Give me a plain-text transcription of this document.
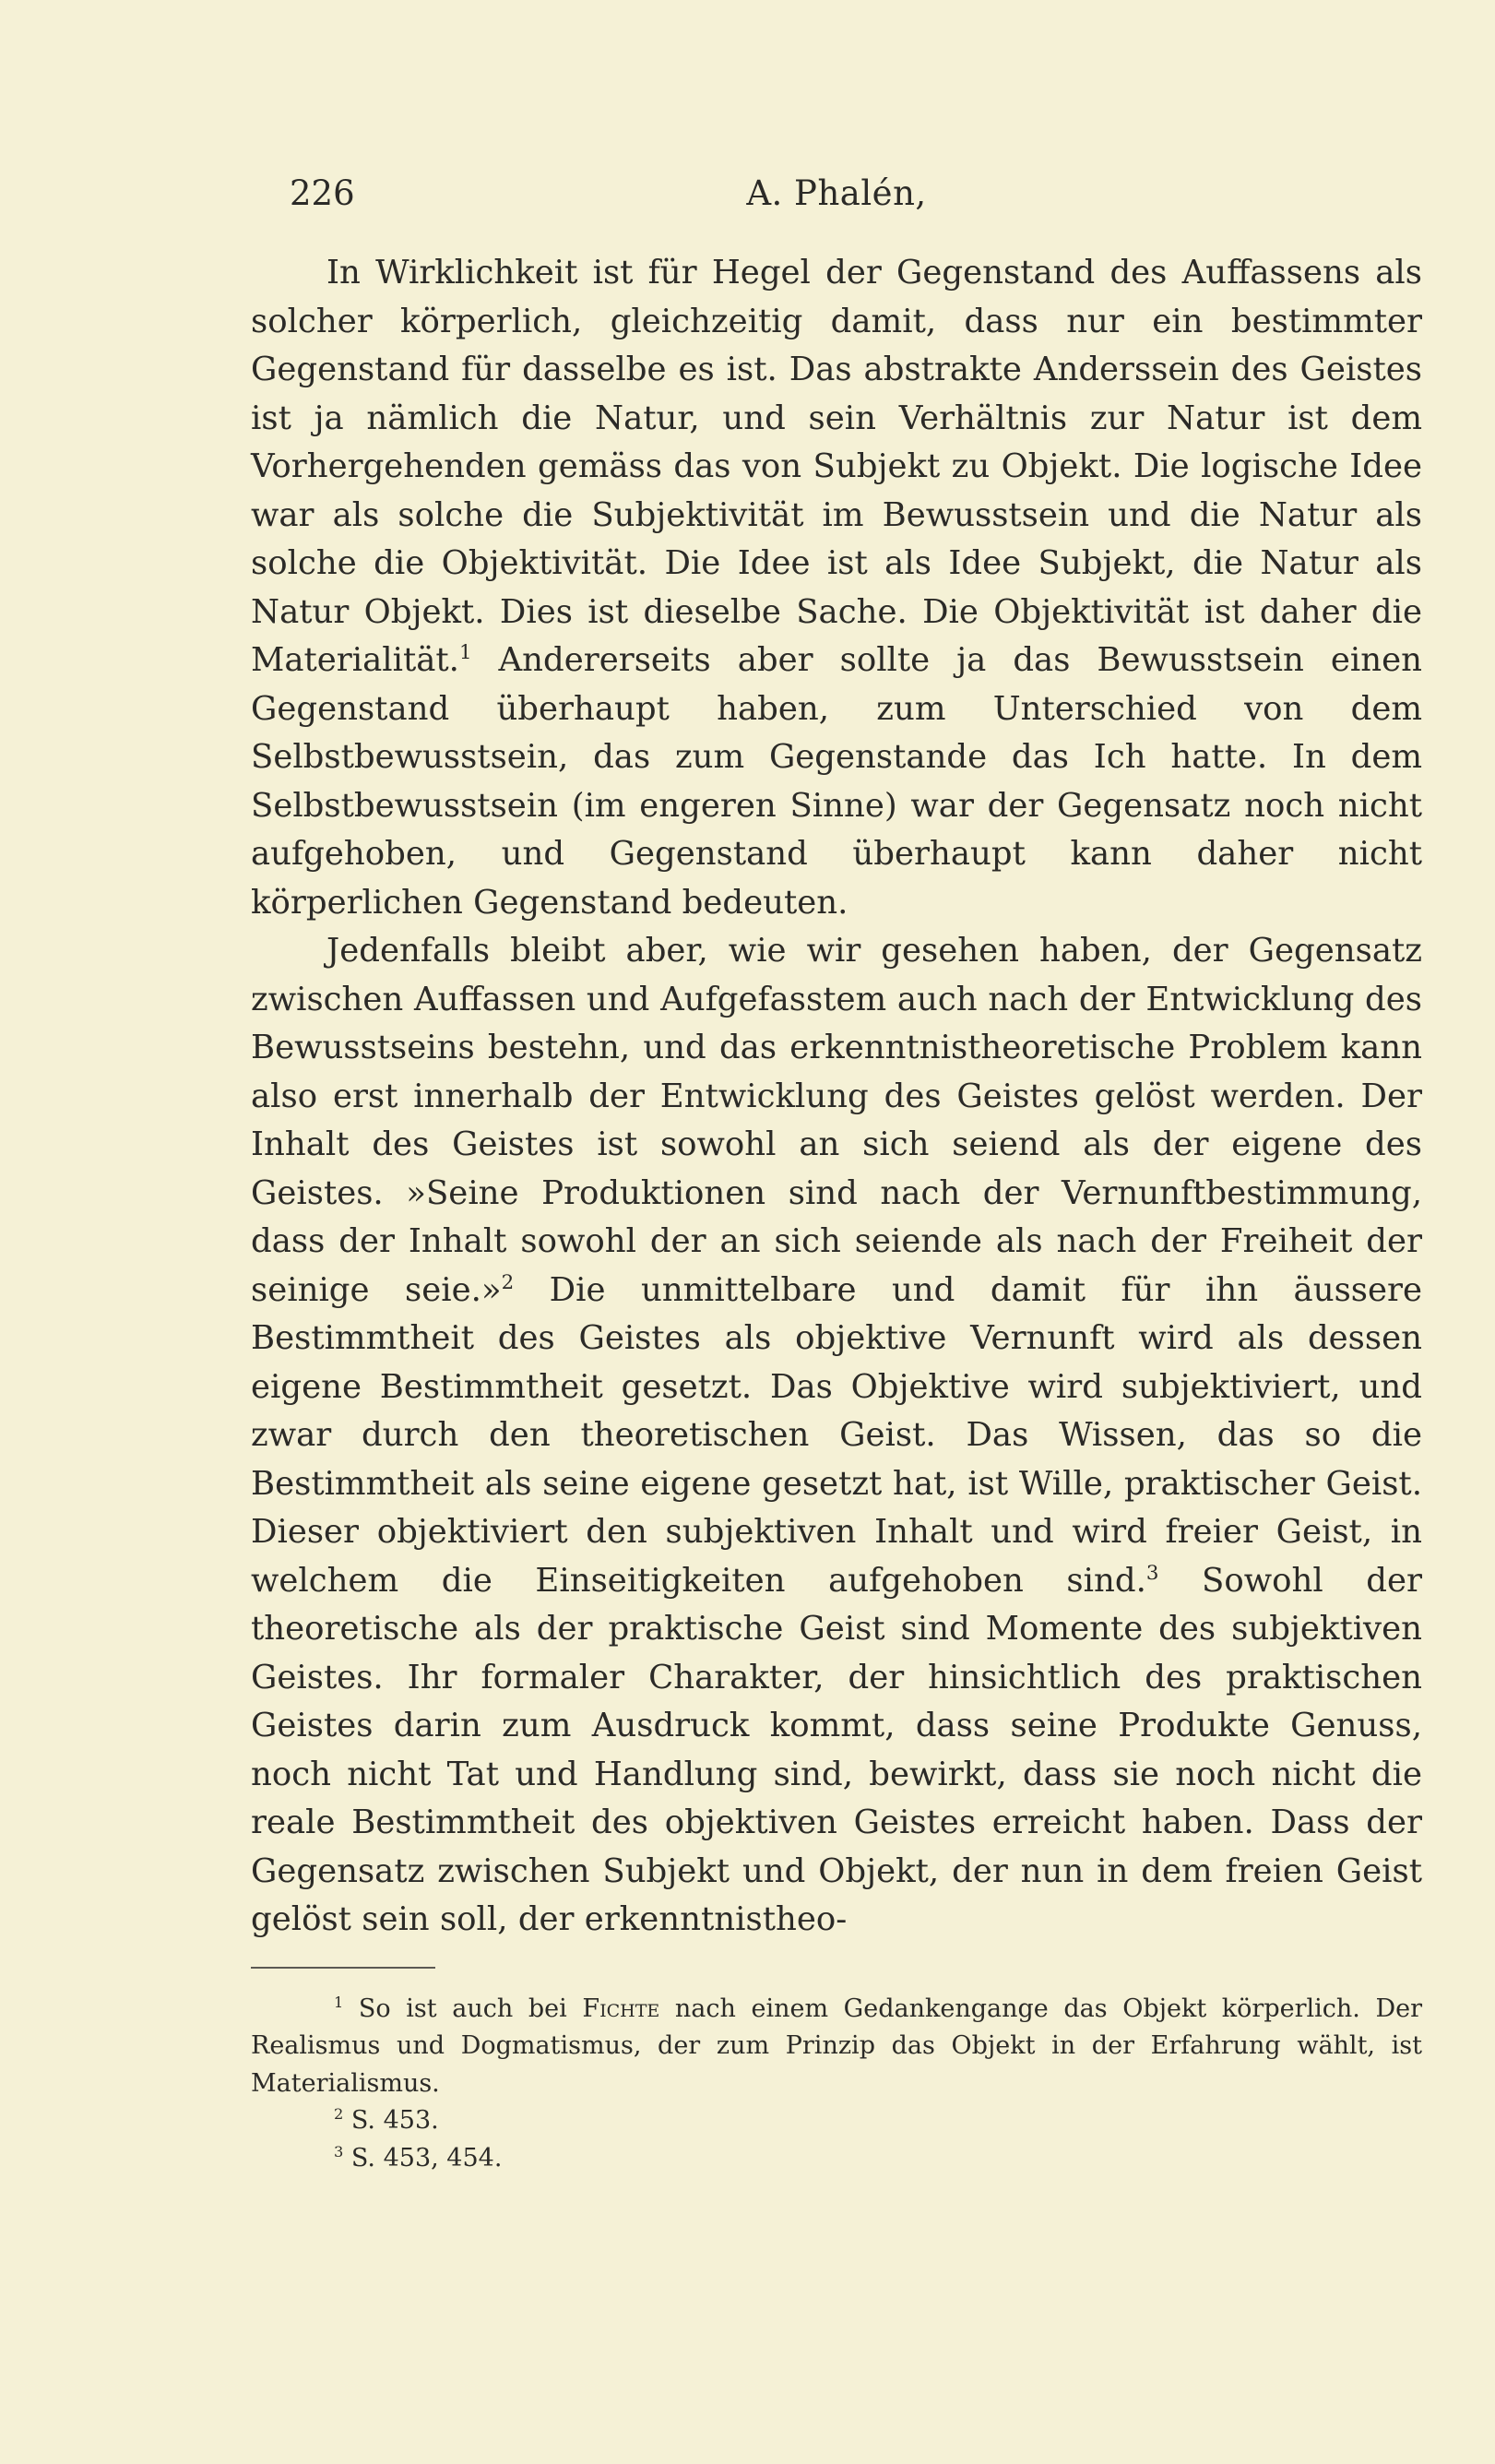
226	A. Phalén,

In Wirklichkeit ist für Hegel der Gegenstand des Auffassens als solcher körperlich, gleichzeitig damit, dass nur ein bestimmter Gegenstand für dasselbe es ist. Das abstrakte Anderssein des Geistes ist ja nämlich die Natur, und sein Verhältnis zur Natur ist dem Vorhergehenden gemäss das von Subjekt zu Objekt. Die logische Idee war als solche die Subjektivität im Bewusstsein und die Natur als solche die Objektivität. Die Idee ist als Idee Subjekt, die Natur als Natur Objekt. Dies ist dieselbe Sache. Die Objektivität ist daher die Materialität.$^1$ Andererseits aber sollte ja das Bewusstsein einen Gegenstand überhaupt haben, zum Unterschied von dem Selbstbewusstsein, das zum Gegenstande das Ich hatte. In dem Selbstbewusstsein (im engeren Sinne) war der Gegensatz noch nicht aufgehoben, und Gegenstand überhaupt kann daher nicht körperlichen Gegenstand bedeuten.

Jedenfalls bleibt aber, wie wir gesehen haben, der Gegensatz zwischen Auffassen und Aufgefasstem auch nach der Entwicklung des Bewusstseins bestehn, und das erkenntnistheoretische Problem kann also erst innerhalb der Entwicklung des Geistes gelöst werden. Der Inhalt des Geistes ist sowohl an sich seiend als der eigene des Geistes. »Seine Produktionen sind nach der Vernunftbestimmung, dass der Inhalt sowohl der an sich seiende als nach der Freiheit der seinige seie.»$^2$ Die unmittelbare und damit für ihn äussere Bestimmtheit des Geistes als objektive Vernunft wird als dessen eigene Bestimmtheit gesetzt. Das Objektive wird subjektiviert, und zwar durch den theoretischen Geist. Das Wissen, das so die Bestimmtheit als seine eigene gesetzt hat, ist Wille, praktischer Geist. Dieser objektiviert den subjektiven Inhalt und wird freier Geist, in welchem die Einseitigkeiten aufgehoben sind.$^3$ Sowohl der theoretische als der praktische Geist sind Momente des subjektiven Geistes. Ihr formaler Charakter, der hinsichtlich des praktischen Geistes darin zum Ausdruck kommt, dass seine Produkte Genuss, noch nicht Tat und Handlung sind, bewirkt, dass sie noch nicht die reale Bestimmtheit des objektiven Geistes erreicht haben. Dass der Gegensatz zwischen Subjekt und Objekt, der nun in dem freien Geist gelöst sein soll, der erkenntnistheo-

$^1$ So ist auch bei Fichte nach einem Gedankengange das Objekt körperlich. Der Realismus und Dogmatismus, der zum Prinzip das Objekt in der Erfahrung wählt, ist Materialismus.

$^2$ S. 453.

$^3$ S. 453, 454.
